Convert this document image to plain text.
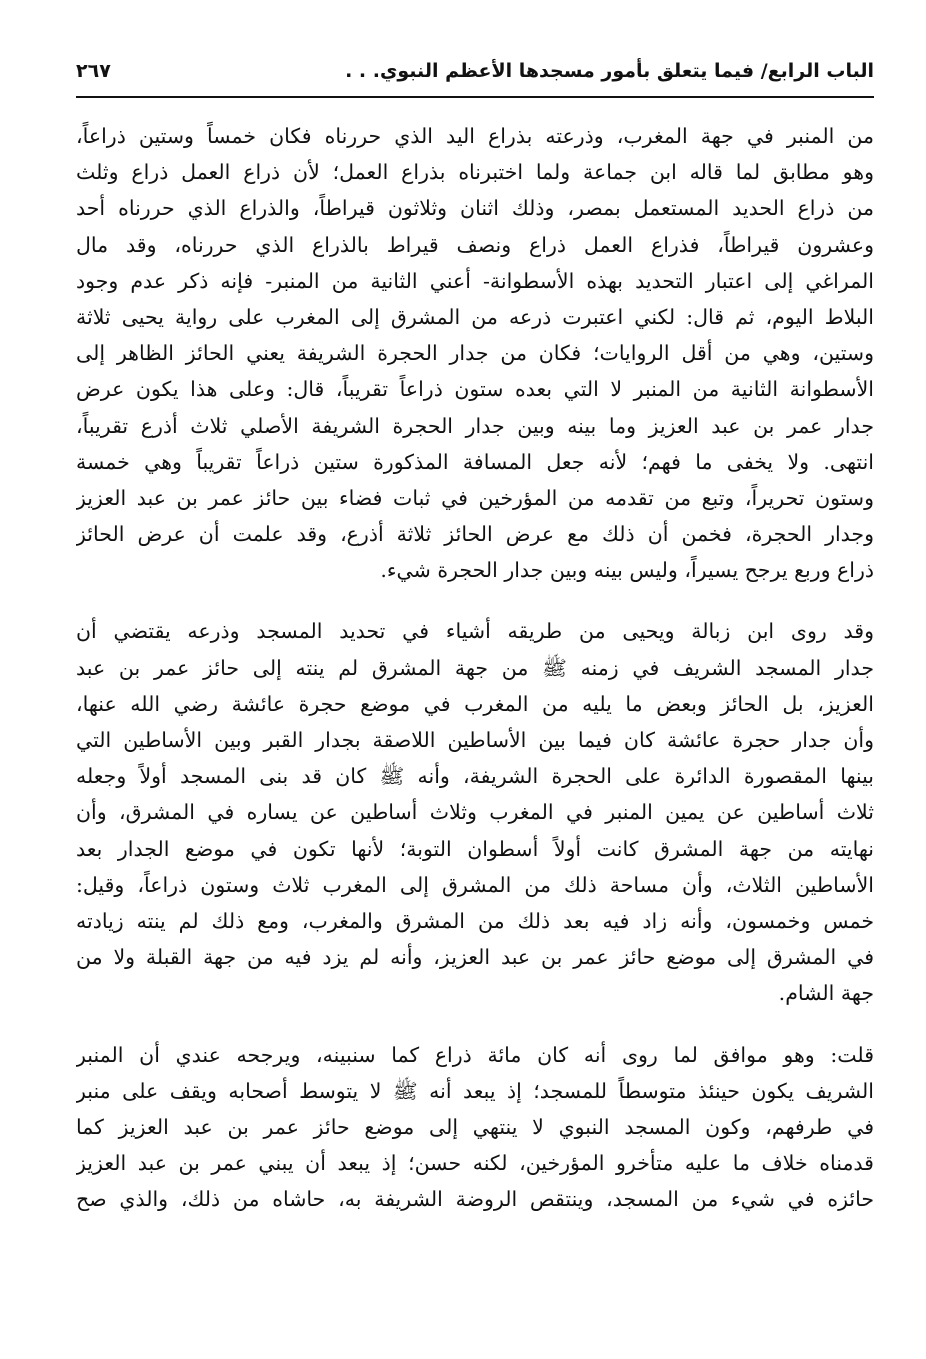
الباب الرابع/ فيما يتعلق بأمور مسجدها الأعظم النبوي. . .
٢٦٧
من المنبر في جهة المغرب، وذرعته بذراع اليد الذي حررناه فكان خمساً وستين ذراعاً،
وهو مطابق لما قاله ابن جماعة ولما اختبرناه بذراع العمل؛ لأن ذراع العمل ذراع وثلث
من ذراع الحديد المستعمل بمصر، وذلك اثنان وثلاثون قيراطاً، والذراع الذي حررناه أحد
وعشرون قيراطاً، فذراع العمل ذراع ونصف قيراط بالذراع الذي حررناه، وقد مال
المراغي إلى اعتبار التحديد بهذه الأسطوانة- أعني الثانية من المنبر- فإنه ذكر عدم وجود
البلاط اليوم، ثم قال: لكني اعتبرت ذرعه من المشرق إلى المغرب على رواية يحيى ثلاثة
وستين، وهي من أقل الروايات؛ فكان من جدار الحجرة الشريفة يعني الحائز الظاهر إلى
الأسطوانة الثانية من المنبر لا التي بعده ستون ذراعاً تقريباً، قال: وعلى هذا يكون عرض
جدار عمر بن عبد العزيز وما بينه وبين جدار الحجرة الشريفة الأصلي ثلاث أذرع تقريباً،
انتهى. ولا يخفى ما فهم؛ لأنه جعل المسافة المذكورة ستين ذراعاً تقريباً وهي خمسة
وستون تحريراً، وتبع من تقدمه من المؤرخين في ثبات فضاء بين حائز عمر بن عبد العزيز
وجدار الحجرة، فخمن أن ذلك مع عرض الحائز ثلاثة أذرع، وقد علمت أن عرض الحائز
ذراع وربع يرجح يسيراً، وليس بينه وبين جدار الحجرة شيء.
وقد روى ابن زبالة ويحيى من طريقه أشياء في تحديد المسجد وذرعه يقتضي أن
جدار المسجد الشريف في زمنه ﷺ من جهة المشرق لم ينته إلى حائز عمر بن عبد
العزيز، بل الحائز وبعض ما يليه من المغرب في موضع حجرة عائشة رضي الله عنها،
وأن جدار حجرة عائشة كان فيما بين الأساطين اللاصقة بجدار القبر وبين الأساطين التي
بينها المقصورة الدائرة على الحجرة الشريفة، وأنه ﷺ كان قد بنى المسجد أولاً وجعله
ثلاث أساطين عن يمين المنبر في المغرب وثلاث أساطين عن يساره في المشرق، وأن
نهايته من جهة المشرق كانت أولاً أسطوان التوبة؛ لأنها تكون في موضع الجدار بعد
الأساطين الثلاث، وأن مساحة ذلك من المشرق إلى المغرب ثلاث وستون ذراعاً، وقيل:
خمس وخمسون، وأنه زاد فيه بعد ذلك من المشرق والمغرب، ومع ذلك لم ينته زيادته
في المشرق إلى موضع حائز عمر بن عبد العزيز، وأنه لم يزد فيه من جهة القبلة ولا من
جهة الشام.
قلت: وهو موافق لما روى أنه كان مائة ذراع كما سنبينه، ويرجحه عندي أن المنبر
الشريف يكون حينئذ متوسطاً للمسجد؛ إذ يبعد أنه ﷺ لا يتوسط أصحابه ويقف على منبر
في طرفهم، وكون المسجد النبوي لا ينتهي إلى موضع حائز عمر بن عبد العزيز كما
قدمناه خلاف ما عليه متأخرو المؤرخين، لكنه حسن؛ إذ يبعد أن يبني عمر بن عبد العزيز
حائزه في شيء من المسجد، وينتقص الروضة الشريفة به، حاشاه من ذلك، والذي صح
